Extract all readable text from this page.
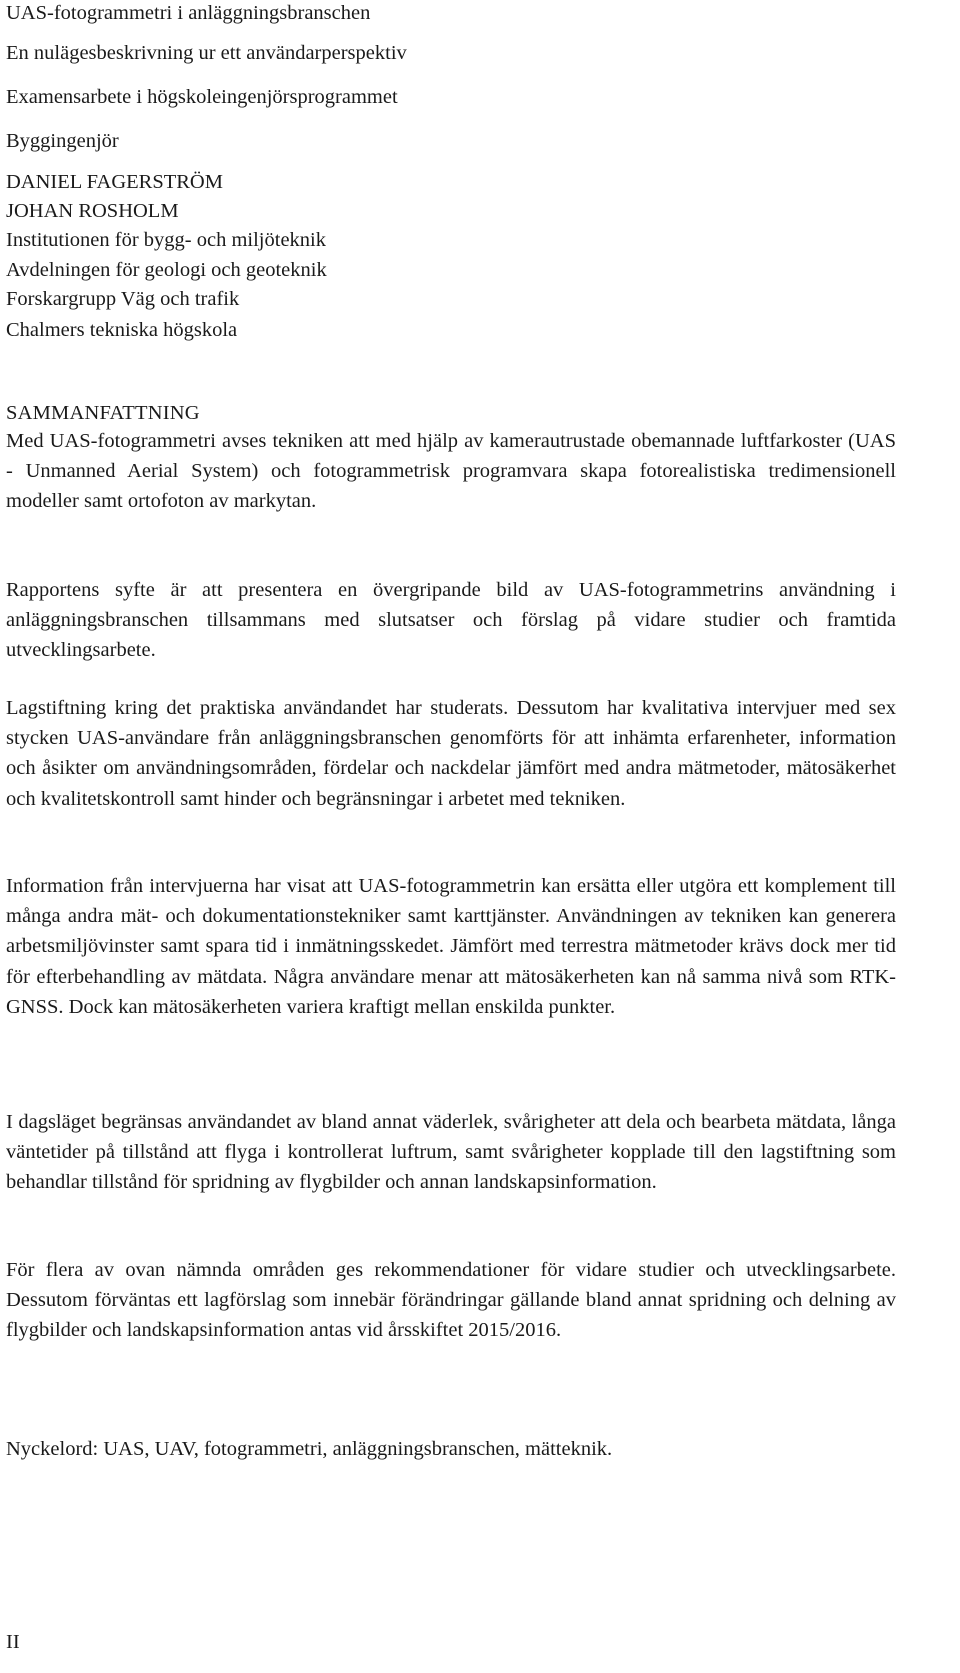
UAS-fotogrammetri i anläggningsbranschen
En nulägesbeskrivning ur ett användarperspektiv
Examensarbete i högskoleingenjörsprogrammet
Byggingenjör
DANIEL FAGERSTRÖM
JOHAN ROSHOLM
Institutionen för bygg- och miljöteknik
Avdelningen för geologi och geoteknik
Forskargrupp Väg och trafik
Chalmers tekniska högskola
SAMMANFATTNING

Med UAS-fotogrammetri avses tekniken att med hjälp av kamerautrustade obemannade luftfarkoster (UAS - Unmanned Aerial System) och fotogrammetrisk programvara skapa fotorealistiska tredimensionell modeller samt ortofoton av markytan.

Rapportens syfte är att presentera en övergripande bild av UAS-fotogrammetrins användning i anläggningsbranschen tillsammans med slutsatser och förslag på vidare studier och framtida utvecklingsarbete.

Lagstiftning kring det praktiska användandet har studerats. Dessutom har kvalitativa intervjuer med sex stycken UAS-användare från anläggningsbranschen genomförts för att inhämta erfarenheter, information och åsikter om användningsområden, fördelar och nackdelar jämfört med andra mätmetoder, mätosäkerhet och kvalitetskontroll samt hinder och begränsningar i arbetet med tekniken.

Information från intervjuerna har visat att UAS-fotogrammetrin kan ersätta eller utgöra ett komplement till många andra mät- och dokumentationstekniker samt karttjänster. Användningen av tekniken kan generera arbetsmiljövinster samt spara tid i inmätningsskedet. Jämfört med terrestra mätmetoder krävs dock mer tid för efterbehandling av mätdata. Några användare menar att mätosäkerheten kan nå samma nivå som RTK-GNSS. Dock kan mätosäkerheten variera kraftigt mellan enskilda punkter.

I dagsläget begränsas användandet av bland annat väderlek, svårigheter att dela och bearbeta mätdata, långa väntetider på tillstånd att flyga i kontrollerat luftrum, samt svårigheter kopplade till den lagstiftning som behandlar tillstånd för spridning av flygbilder och annan landskapsinformation.

För flera av ovan nämnda områden ges rekommendationer för vidare studier och utvecklingsarbete. Dessutom förväntas ett lagförslag som innebär förändringar gällande bland annat spridning och delning av flygbilder och landskapsinformation antas vid årsskiftet 2015/2016.

Nyckelord: UAS, UAV, fotogrammetri, anläggningsbranschen, mätteknik.
II
